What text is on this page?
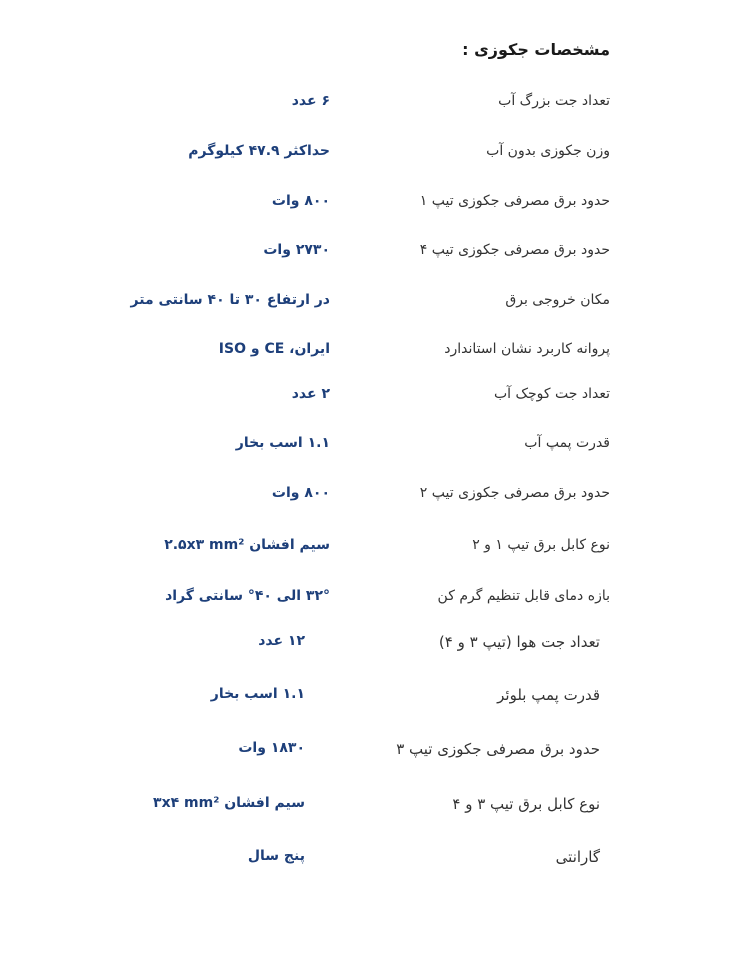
مشخصات جکوزی :
تعداد جت بزرگ آب
۶ عدد
وزن جکوزی بدون آب
حداکثر ۴۷.۹ کیلوگرم
حدود برق مصرفی جکوزی تیپ ۱
۸۰۰ وات
حدود برق مصرفی جکوزی تیپ ۴
۲۷۳۰ وات
مکان خروجی برق
در ارتفاع ۳۰ تا ۴۰ سانتی متر
پروانه کاربرد نشان استاندارد
ایران، CE و ISO
تعداد جت کوچک آب
۲ عدد
قدرت پمپ آب
۱.۱ اسب بخار
حدود برق مصرفی جکوزی تیپ ۲
۸۰۰ وات
نوع کابل برق تیپ ۱ و ۲
سیم افشان ۲.۵x۳ mm²
بازه دمای قابل تنظیم گرم کن
۳۲° الی ۴۰° سانتی گراد
تعداد جت هوا (تیپ ۳ و ۴)
۱۲ عدد
قدرت پمپ بلوئر
۱.۱ اسب بخار
حدود برق مصرفی جکوزی تیپ ۳
۱۸۳۰ وات
نوع کابل برق تیپ ۳ و ۴
سیم افشان ۳x۴ mm²
گارانتی
پنج سال
